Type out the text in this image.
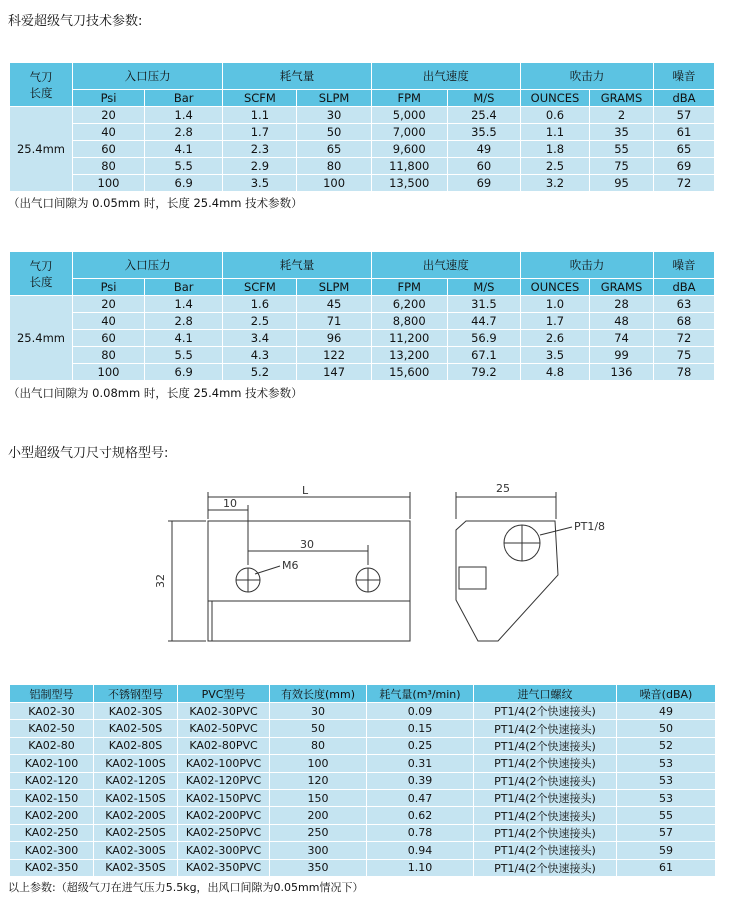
科爱超级气刀技术参数:
气刀长度	入口压力		耗气量		出气速度		吹击力		噪音
	Psi	Bar	SCFM	SLPM	FPM	M/S	OUNCES	GRAMS	dBA
25.4mm	20	1.4	1.1	30	5,000	25.4	0.6	2	57
	40	2.8	1.7	50	7,000	35.5	1.1	35	61
	60	4.1	2.3	65	9,600	49	1.8	55	65
	80	5.5	2.9	80	11,800	60	2.5	75	69
	100	6.9	3.5	100	13,500	69	3.2	95	72
（出气口间隙为 0.05mm 时，长度 25.4mm 技术参数）
气刀长度	入口压力		耗气量		出气速度		吹击力		噪音
	Psi	Bar	SCFM	SLPM	FPM	M/S	OUNCES	GRAMS	dBA
25.4mm	20	1.4	1.6	45	6,200	31.5	1.0	28	63
	40	2.8	2.5	71	8,800	44.7	1.7	48	68
	60	4.1	3.4	96	11,200	56.9	2.6	74	72
	80	5.5	4.3	122	13,200	67.1	3.5	99	75
	100	6.9	5.2	147	15,600	79.2	4.8	136	78
（出气口间隙为 0.08mm 时，长度 25.4mm 技术参数）
小型超级气刀尺寸规格型号:
10
L
30
32
M6
25
PT1/8
铝制型号	不锈钢型号	PVC型号	有效长度(mm)	耗气量(m³/min)	进气口螺纹	噪音(dBA)
KA02-30	KA02-30S	KA02-30PVC	30	0.09	PT1/4(2个快速接头)	49
KA02-50	KA02-50S	KA02-50PVC	50	0.15	PT1/4(2个快速接头)	50
KA02-80	KA02-80S	KA02-80PVC	80	0.25	PT1/4(2个快速接头)	52
KA02-100	KA02-100S	KA02-100PVC	100	0.31	PT1/4(2个快速接头)	53
KA02-120	KA02-120S	KA02-120PVC	120	0.39	PT1/4(2个快速接头)	53
KA02-150	KA02-150S	KA02-150PVC	150	0.47	PT1/4(2个快速接头)	53
KA02-200	KA02-200S	KA02-200PVC	200	0.62	PT1/4(2个快速接头)	55
KA02-250	KA02-250S	KA02-250PVC	250	0.78	PT1/4(2个快速接头)	57
KA02-300	KA02-300S	KA02-300PVC	300	0.94	PT1/4(2个快速接头)	59
KA02-350	KA02-350S	KA02-350PVC	350	1.10	PT1/4(2个快速接头)	61
以上参数:（超级气刀在进气压力5.5kg，出风口间隙为0.05mm情况下）
